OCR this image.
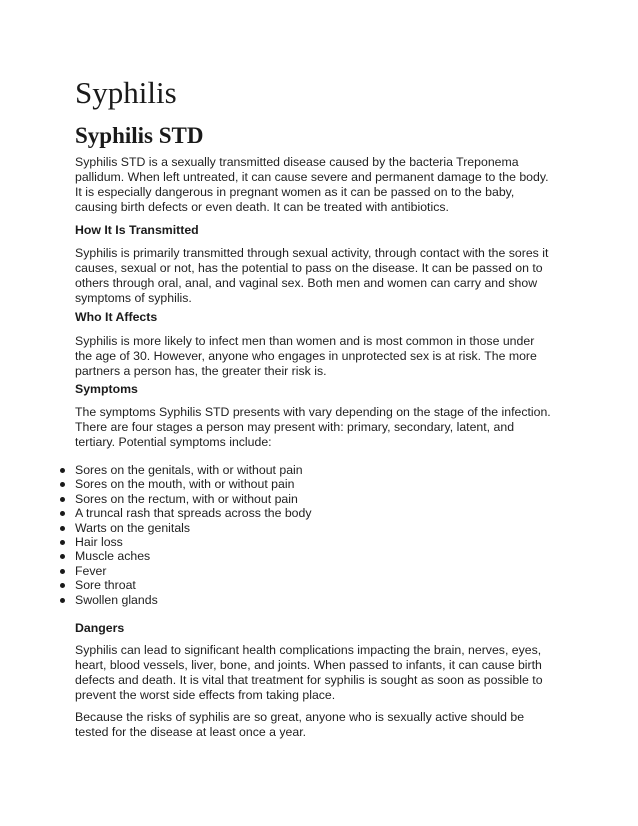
Syphilis
Syphilis STD

Syphilis STD is a sexually transmitted disease caused by the bacteria Treponema
pallidum. When left untreated, it can cause severe and permanent damage to the body.
It is especially dangerous in pregnant women as it can be passed on to the baby,
causing birth defects or even death. It can be treated with antibiotics.

How It Is Transmitted

Syphilis is primarily transmitted through sexual activity, through contact with the sores it
causes, sexual or not, has the potential to pass on the disease. It can be passed on to
others through oral, anal, and vaginal sex. Both men and women can carry and show
symptoms of syphilis.

Who It Affects

Syphilis is more likely to infect men than women and is most common in those under
the age of 30. However, anyone who engages in unprotected sex is at risk. The more
partners a person has, the greater their risk is.

Symptoms

The symptoms Syphilis STD presents with vary depending on the stage of the infection.
There are four stages a person may present with: primary, secondary, latent, and
tertiary. Potential symptoms include:

Sores on the genitals, with or without pain
Sores on the mouth, with or without pain
Sores on the rectum, with or without pain
A truncal rash that spreads across the body
Warts on the genitals
Hair loss
Muscle aches
Fever
Sore throat
Swollen glands
Dangers

Syphilis can lead to significant health complications impacting the brain, nerves, eyes,
heart, blood vessels, liver, bone, and joints. When passed to infants, it can cause birth
defects and death. It is vital that treatment for syphilis is sought as soon as possible to
prevent the worst side effects from taking place.

Because the risks of syphilis are so great, anyone who is sexually active should be
tested for the disease at least once a year.
